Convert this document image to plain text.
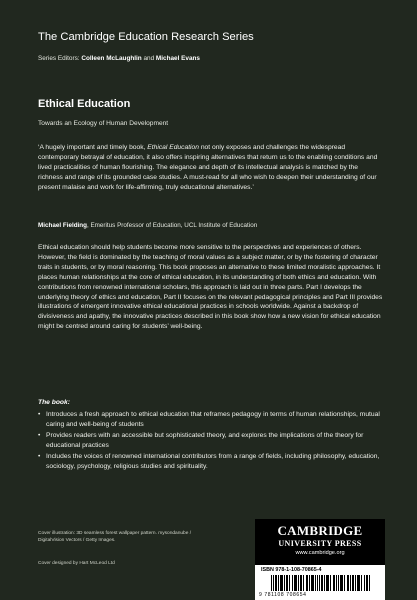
The Cambridge Education Research Series
Series Editors: Colleen McLaughlin and Michael Evans
Ethical Education
Towards an Ecology of Human Development
‘A hugely important and timely book, Ethical Education not only exposes and challenges the widespread contemporary betrayal of education, it also offers inspiring alternatives that return us to the enabling conditions and lived practicalities of human flourishing. The elegance and depth of its intellectual analysis is matched by the richness and range of its grounded case studies. A must-read for all who wish to deepen their understanding of our present malaise and work for life-affirming, truly educational alternatives.’
Michael Fielding, Emeritus Professor of Education, UCL Institute of Education
Ethical education should help students become more sensitive to the perspectives and experiences of others. However, the field is dominated by the teaching of moral values as a subject matter, or by the fostering of character traits in students, or by moral reasoning. This book proposes an alternative to these limited moralistic approaches. It places human relationships at the core of ethical education, in its understanding of both ethics and education. With contributions from renowned international scholars, this approach is laid out in three parts. Part I develops the underlying theory of ethics and education, Part II focuses on the relevant pedagogical principles and Part III provides illustrations of emergent innovative ethical educational practices in schools worldwide. Against a backdrop of divisiveness and apathy, the innovative practices described in this book show how a new vision for ethical education might be centred around caring for students’ well-being.
The book:
• Introduces a fresh approach to ethical education that reframes pedagogy in terms of human relationships, mutual caring and well-being of students
• Provides readers with an accessible but sophisticated theory, and explores the implications of the theory for educational practices
• Includes the voices of renowned international contributors from a range of fields, including philosophy, education, sociology, psychology, religious studies and spirituality.
Cover illustration: 3D seamless forest wallpaper pattern. mysondanube / DigitalVision Vectors / Getty Images.
Cover designed by Hart McLeod Ltd
CAMBRIDGE
UNIVERSITY PRESS
www.cambridge.org
ISBN 978-1-108-70865-4
9 781108 708654
